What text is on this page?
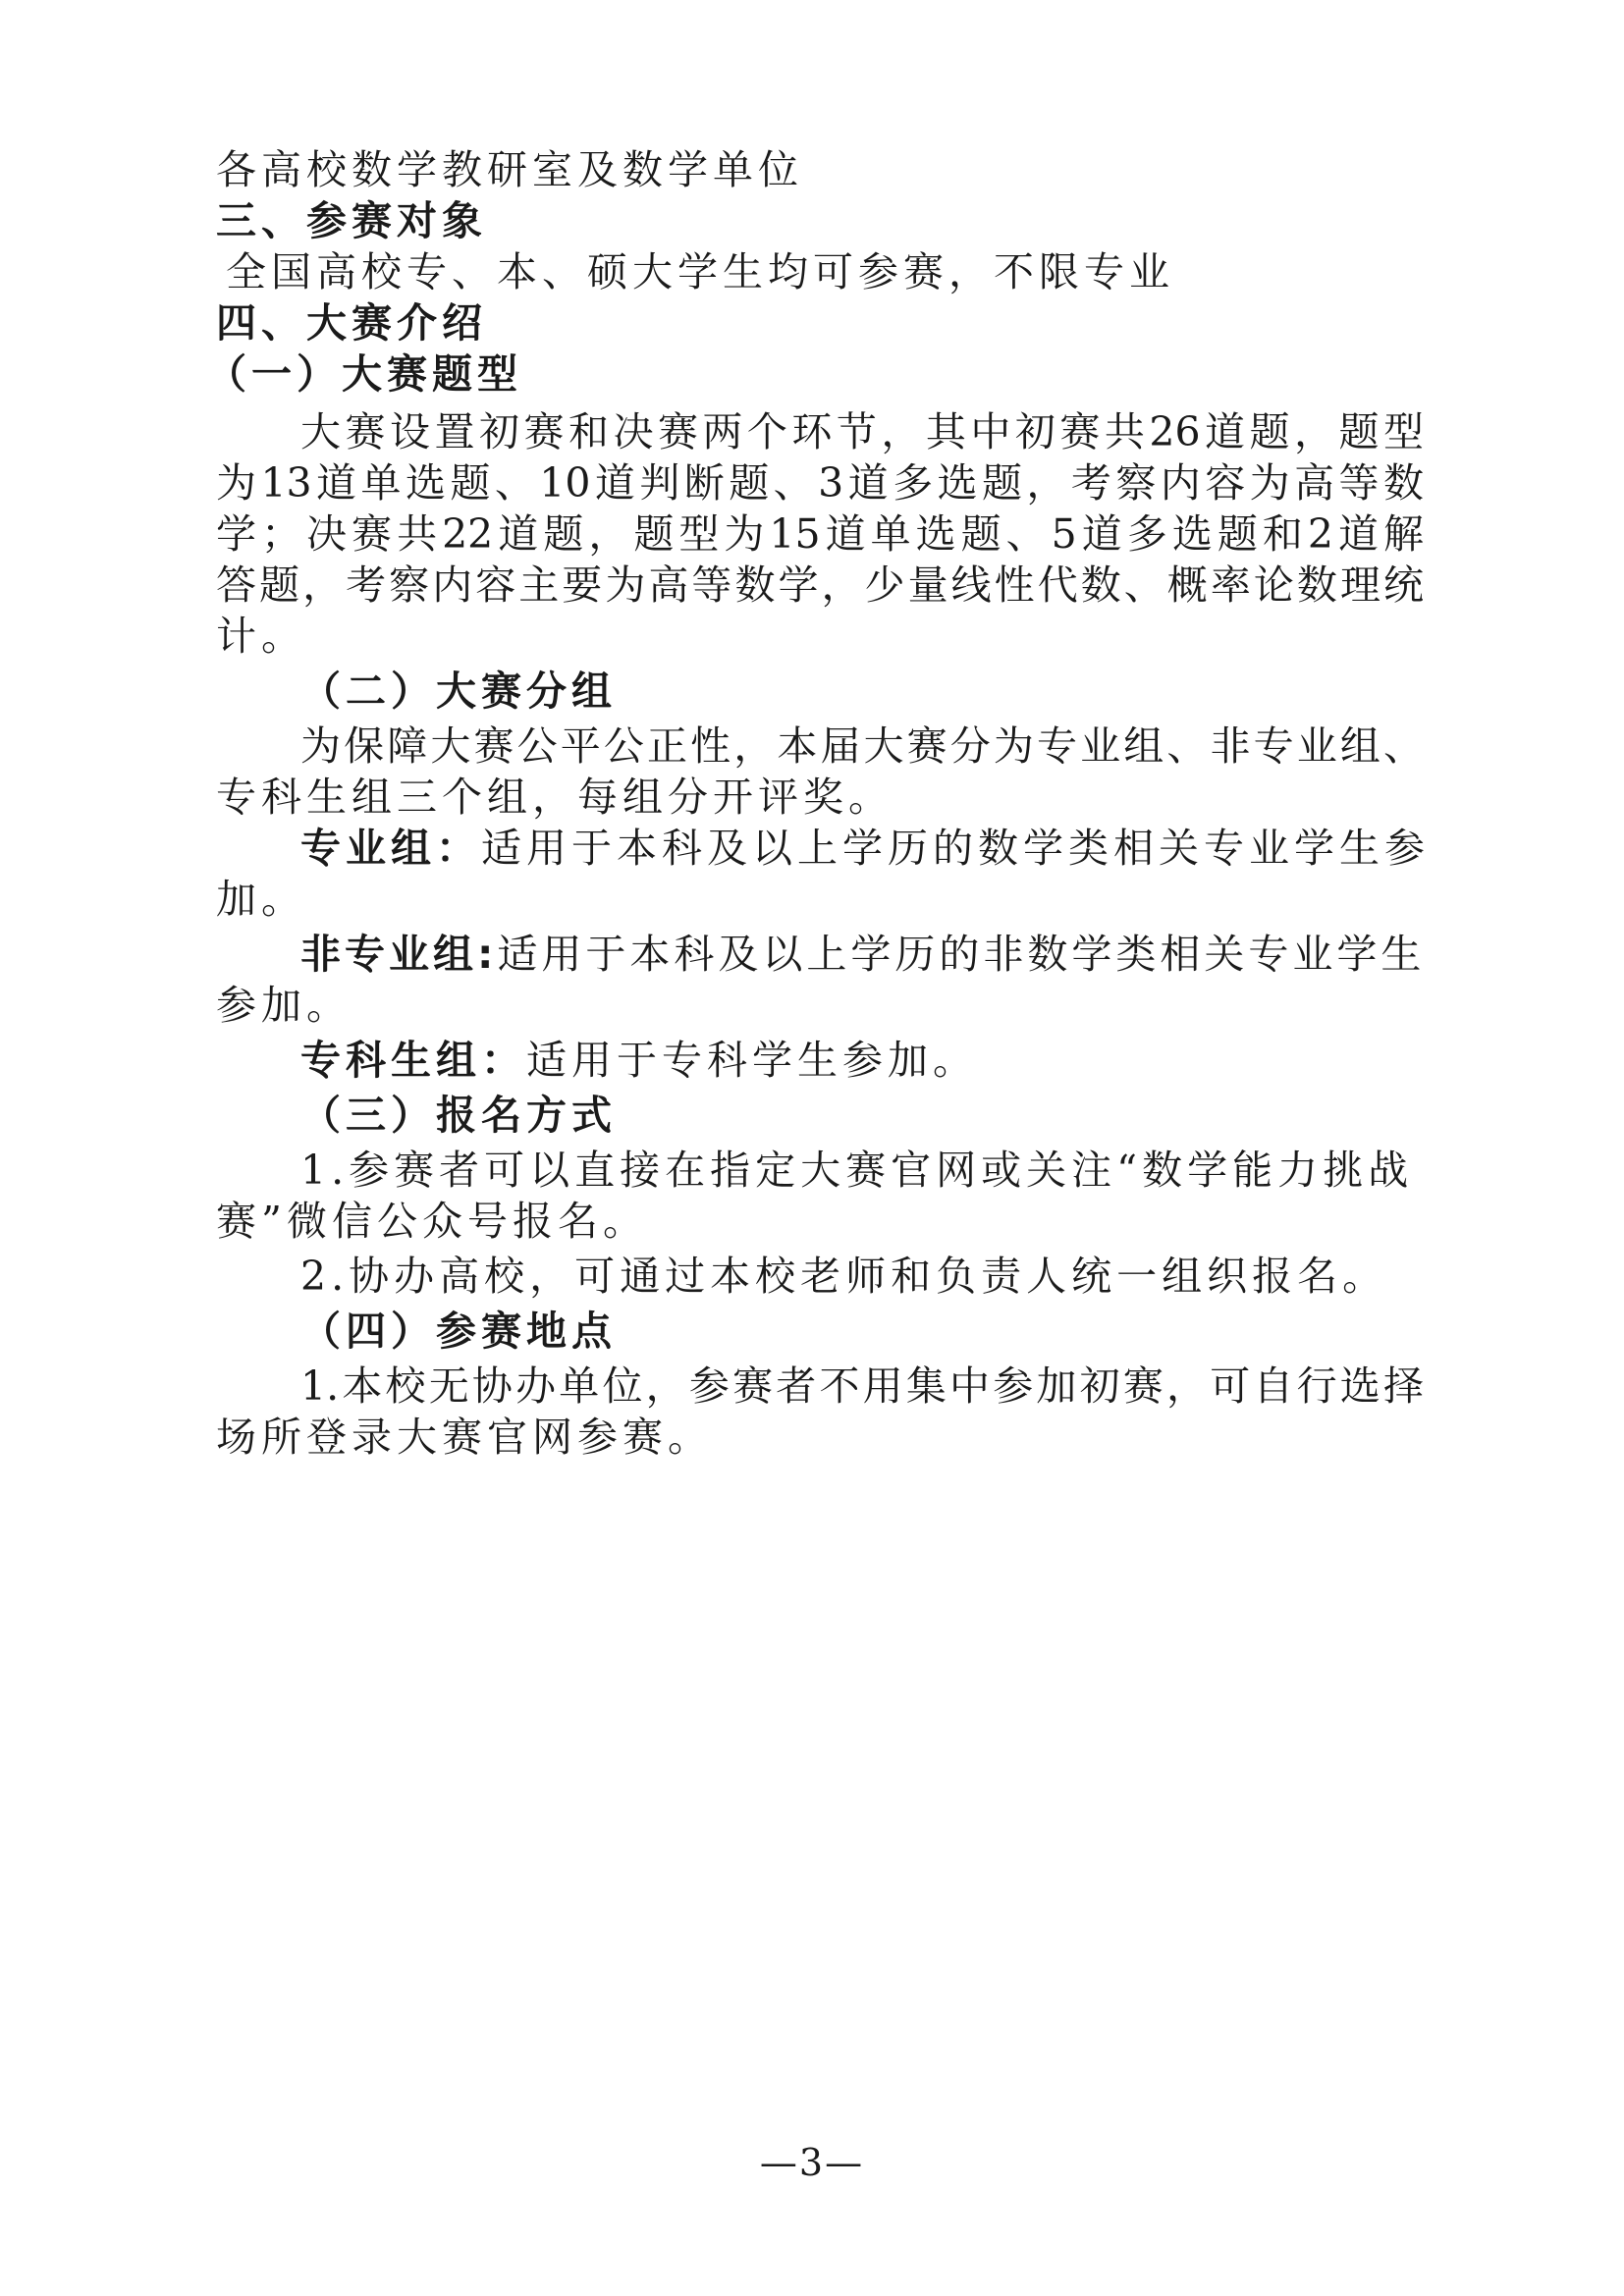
各高校数学教研室及数学单位
三、参赛对象
全国高校专、本、硕大学生均可参赛，不限专业
四、大赛介绍
（一）大赛题型
大赛设置初赛和决赛两个环节，其中初赛共26道题，题型
为13道单选题、10道判断题、3道多选题，考察内容为高等数
学；决赛共22道题，题型为15道单选题、5道多选题和2道解
答题，考察内容主要为高等数学，少量线性代数、概率论数理统
计。
（二）大赛分组
为保障大赛公平公正性，本届大赛分为专业组、非专业组、
专科生组三个组，每组分开评奖。
专业组：适用于本科及以上学历的数学类相关专业学生参
加。
非专业组:适用于本科及以上学历的非数学类相关专业学生
参加。
专科生组：适用于专科学生参加。
（三）报名方式
1.参赛者可以直接在指定大赛官网或关注“数学能力挑战
赛”微信公众号报名。
2.协办高校，可通过本校老师和负责人统一组织报名。
（四）参赛地点
1.本校无协办单位，参赛者不用集中参加初赛，可自行选择
场所登录大赛官网参赛。
—3—
